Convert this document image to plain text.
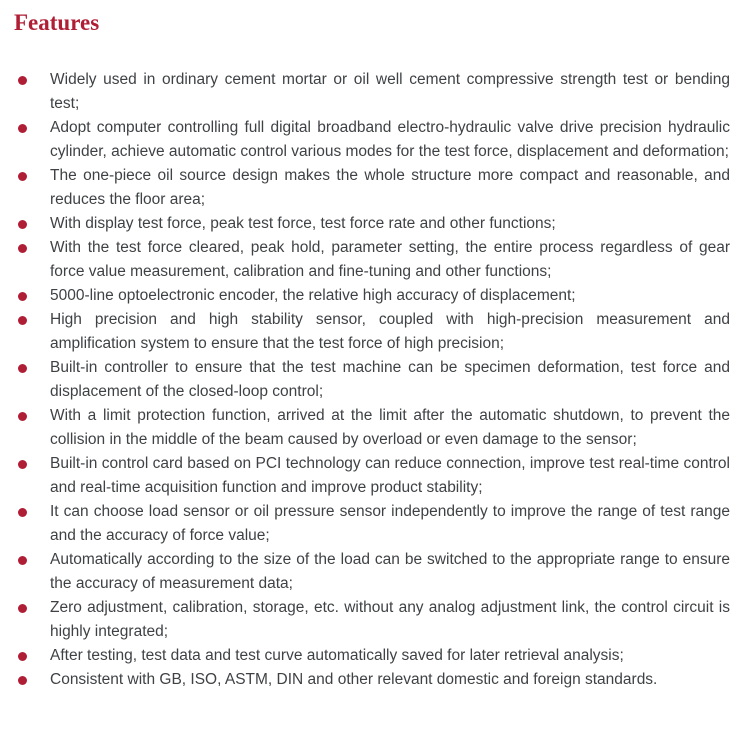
Features
Widely used in ordinary cement mortar or oil well cement compressive strength test or bending test;
Adopt computer controlling full digital broadband electro-hydraulic valve drive precision hydraulic cylinder, achieve automatic control various modes for the test force, displacement and deformation;
The one-piece oil source design makes the whole structure more compact and reasonable, and reduces the floor area;
With display test force, peak test force, test force rate and other functions;
With the test force cleared, peak hold, parameter setting, the entire process regardless of gear force value measurement, calibration and fine-tuning and other functions;
5000-line optoelectronic encoder, the relative high accuracy of displacement;
High precision and high stability sensor, coupled with high-precision measurement and amplification system to ensure that the test force of high precision;
Built-in controller to ensure that the test machine can be specimen deformation, test force and displacement of the closed-loop control;
With a limit protection function, arrived at the limit after the automatic shutdown, to prevent the collision in the middle of the beam caused by overload or even damage to the sensor;
Built-in control card based on PCI technology can reduce connection, improve test real-time control and real-time acquisition function and improve product stability;
It can choose load sensor or oil pressure sensor independently to improve the range of test range and the accuracy of force value;
Automatically according to the size of the load can be switched to the appropriate range to ensure the accuracy of measurement data;
Zero adjustment, calibration, storage, etc. without any analog adjustment link, the control circuit is highly integrated;
After testing, test data and test curve automatically saved for later retrieval analysis;
Consistent with GB, ISO, ASTM, DIN and other relevant domestic and foreign standards.
